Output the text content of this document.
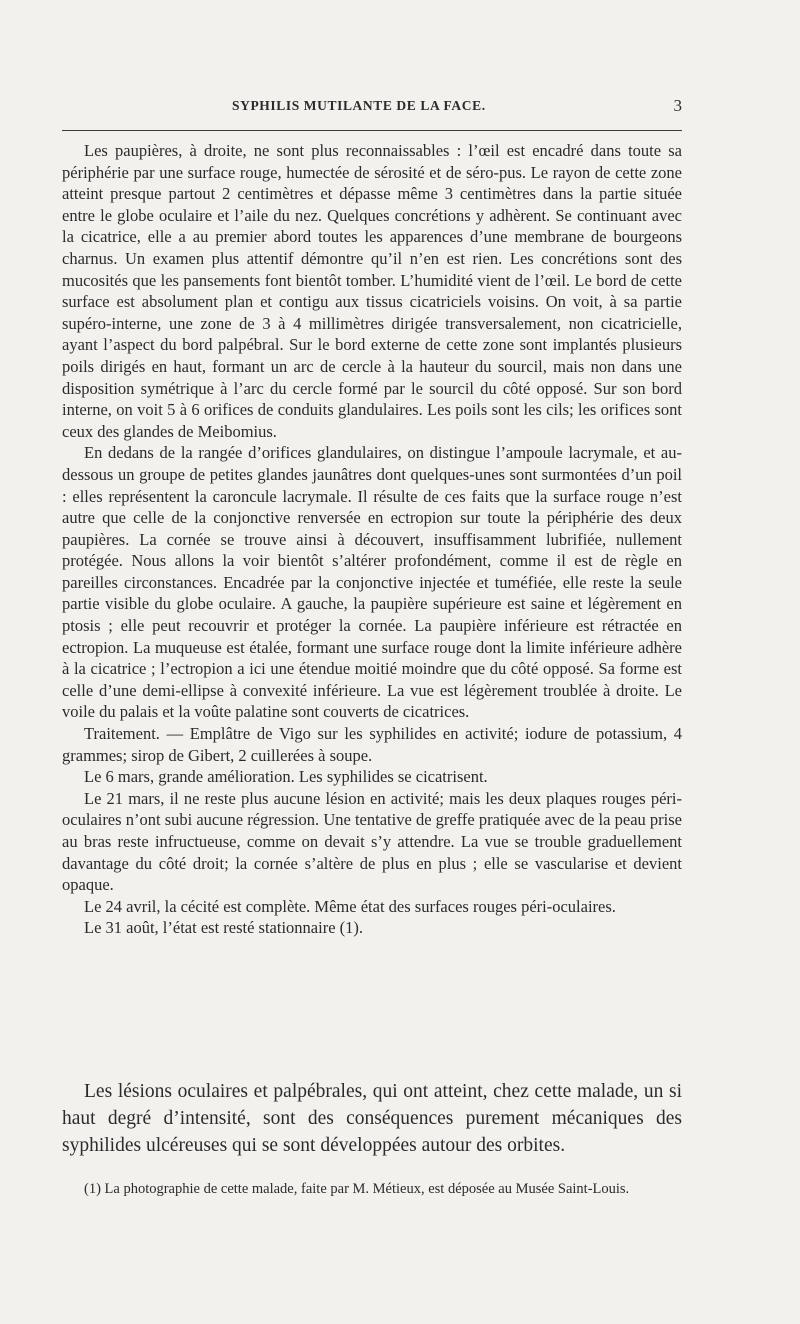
SYPHILIS MUTILANTE DE LA FACE.	3

Les paupières, à droite, ne sont plus reconnaissables : l’œil est encadré dans toute sa périphérie par une surface rouge, humectée de sérosité et de séro-pus. Le rayon de cette zone atteint presque partout 2 centimètres et dépasse même 3 centimètres dans la partie située entre le globe oculaire et l’aile du nez. Quelques concrétions y adhèrent. Se continuant avec la cicatrice, elle a au premier abord toutes les apparences d’une membrane de bourgeons charnus. Un examen plus attentif démontre qu’il n’en est rien. Les concrétions sont des mucosités que les pansements font bientôt tomber. L’humidité vient de l’œil. Le bord de cette surface est absolument plan et contigu aux tissus cicatriciels voisins. On voit, à sa partie supéro-interne, une zone de 3 à 4 millimètres dirigée transversalement, non cicatricielle, ayant l’aspect du bord palpébral. Sur le bord externe de cette zone sont implantés plusieurs poils dirigés en haut, formant un arc de cercle à la hauteur du sourcil, mais non dans une disposition symétrique à l’arc du cercle formé par le sourcil du côté opposé. Sur son bord interne, on voit 5 à 6 orifices de conduits glandulaires. Les poils sont les cils; les orifices sont ceux des glandes de Meibomius.

En dedans de la rangée d’orifices glandulaires, on distingue l’ampoule lacrymale, et au-dessous un groupe de petites glandes jaunâtres dont quelques-unes sont surmontées d’un poil : elles représentent la caroncule lacrymale. Il résulte de ces faits que la surface rouge n’est autre que celle de la conjonctive renversée en ectropion sur toute la périphérie des deux paupières. La cornée se trouve ainsi à découvert, insuffisamment lubrifiée, nullement protégée. Nous allons la voir bientôt s’altérer profondément, comme il est de règle en pareilles circonstances. Encadrée par la conjonctive injectée et tuméfiée, elle reste la seule partie visible du globe oculaire. A gauche, la paupière supérieure est saine et légèrement en ptosis ; elle peut recouvrir et protéger la cornée. La paupière inférieure est rétractée en ectropion. La muqueuse est étalée, formant une surface rouge dont la limite inférieure adhère à la cicatrice ; l’ectropion a ici une étendue moitié moindre que du côté opposé. Sa forme est celle d’une demi-ellipse à convexité inférieure. La vue est légèrement troublée à droite. Le voile du palais et la voûte palatine sont couverts de cicatrices.

Traitement. — Emplâtre de Vigo sur les syphilides en activité; iodure de potassium, 4 grammes; sirop de Gibert, 2 cuillerées à soupe.

Le 6 mars, grande amélioration. Les syphilides se cicatrisent.

Le 21 mars, il ne reste plus aucune lésion en activité; mais les deux plaques rouges péri-oculaires n’ont subi aucune régression. Une tentative de greffe pratiquée avec de la peau prise au bras reste infructueuse, comme on devait s’y attendre. La vue se trouble graduellement davantage du côté droit; la cornée s’altère de plus en plus ; elle se vascularise et devient opaque.

Le 24 avril, la cécité est complète. Même état des surfaces rouges péri-oculaires.

Le 31 août, l’état est resté stationnaire (1).

Les lésions oculaires et palpébrales, qui ont atteint, chez cette malade, un si haut degré d’intensité, sont des conséquences purement mécaniques des syphilides ulcéreuses qui se sont développées autour des orbites.

(1) La photographie de cette malade, faite par M. Métieux, est déposée au Musée Saint-Louis.
